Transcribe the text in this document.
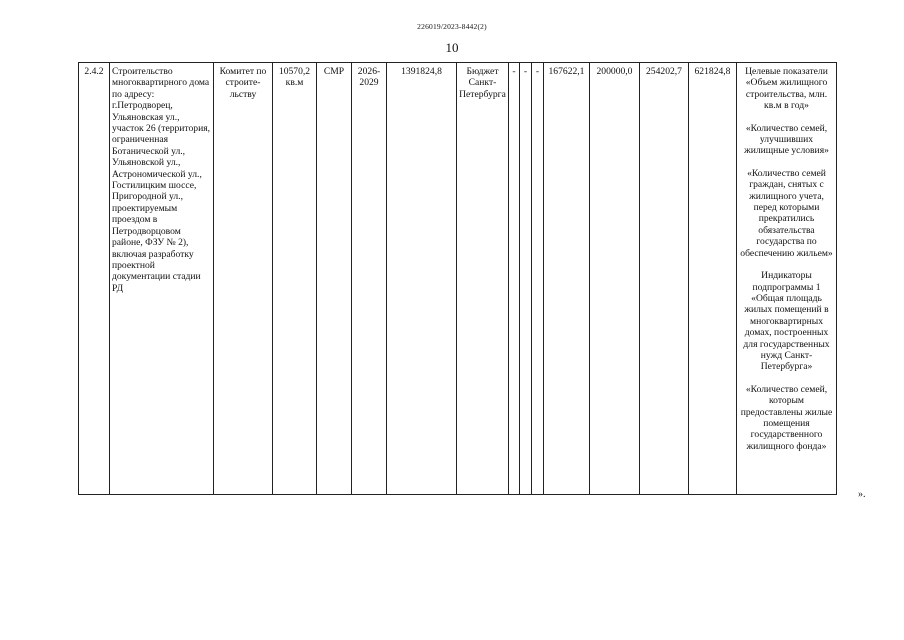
226019/2023-8442(2)
10
2.4.2	Строительство многоквартирного дома по адресу: г.Петродворец, Ульяновская ул., участок 26 (территория, ограниченная Ботанической ул., Ульяновской ул., Астрономической ул., Гостилицким шоссе, Пригородной ул., проектируемым проездом в Петродворцовом районе, ФЗУ № 2), включая разработку проектной документации стадии РД	Комитет по строите- льству	10570,2 кв.м	СМР	2026- 2029	1391824,8	Бюджет Санкт- Петербурга	-	-	-	167622,1	200000,0	254202,7	621824,8	Целевые показатели «Объем жилищного строительства, млн. кв.м в год»
«Количество семей, улучшивших жилищные условия»
«Количество семей граждан, снятых с жилищного учета, перед которыми прекратились обязательства государства по обеспечению жильем»
Индикаторы подпрограммы 1 «Общая площадь жилых помещений в многоквартирных домах, построенных для государственных нужд Санкт-Петербурга»
«Количество семей, которым предоставлены жилые помещения государственного жилищного фонда»
».
